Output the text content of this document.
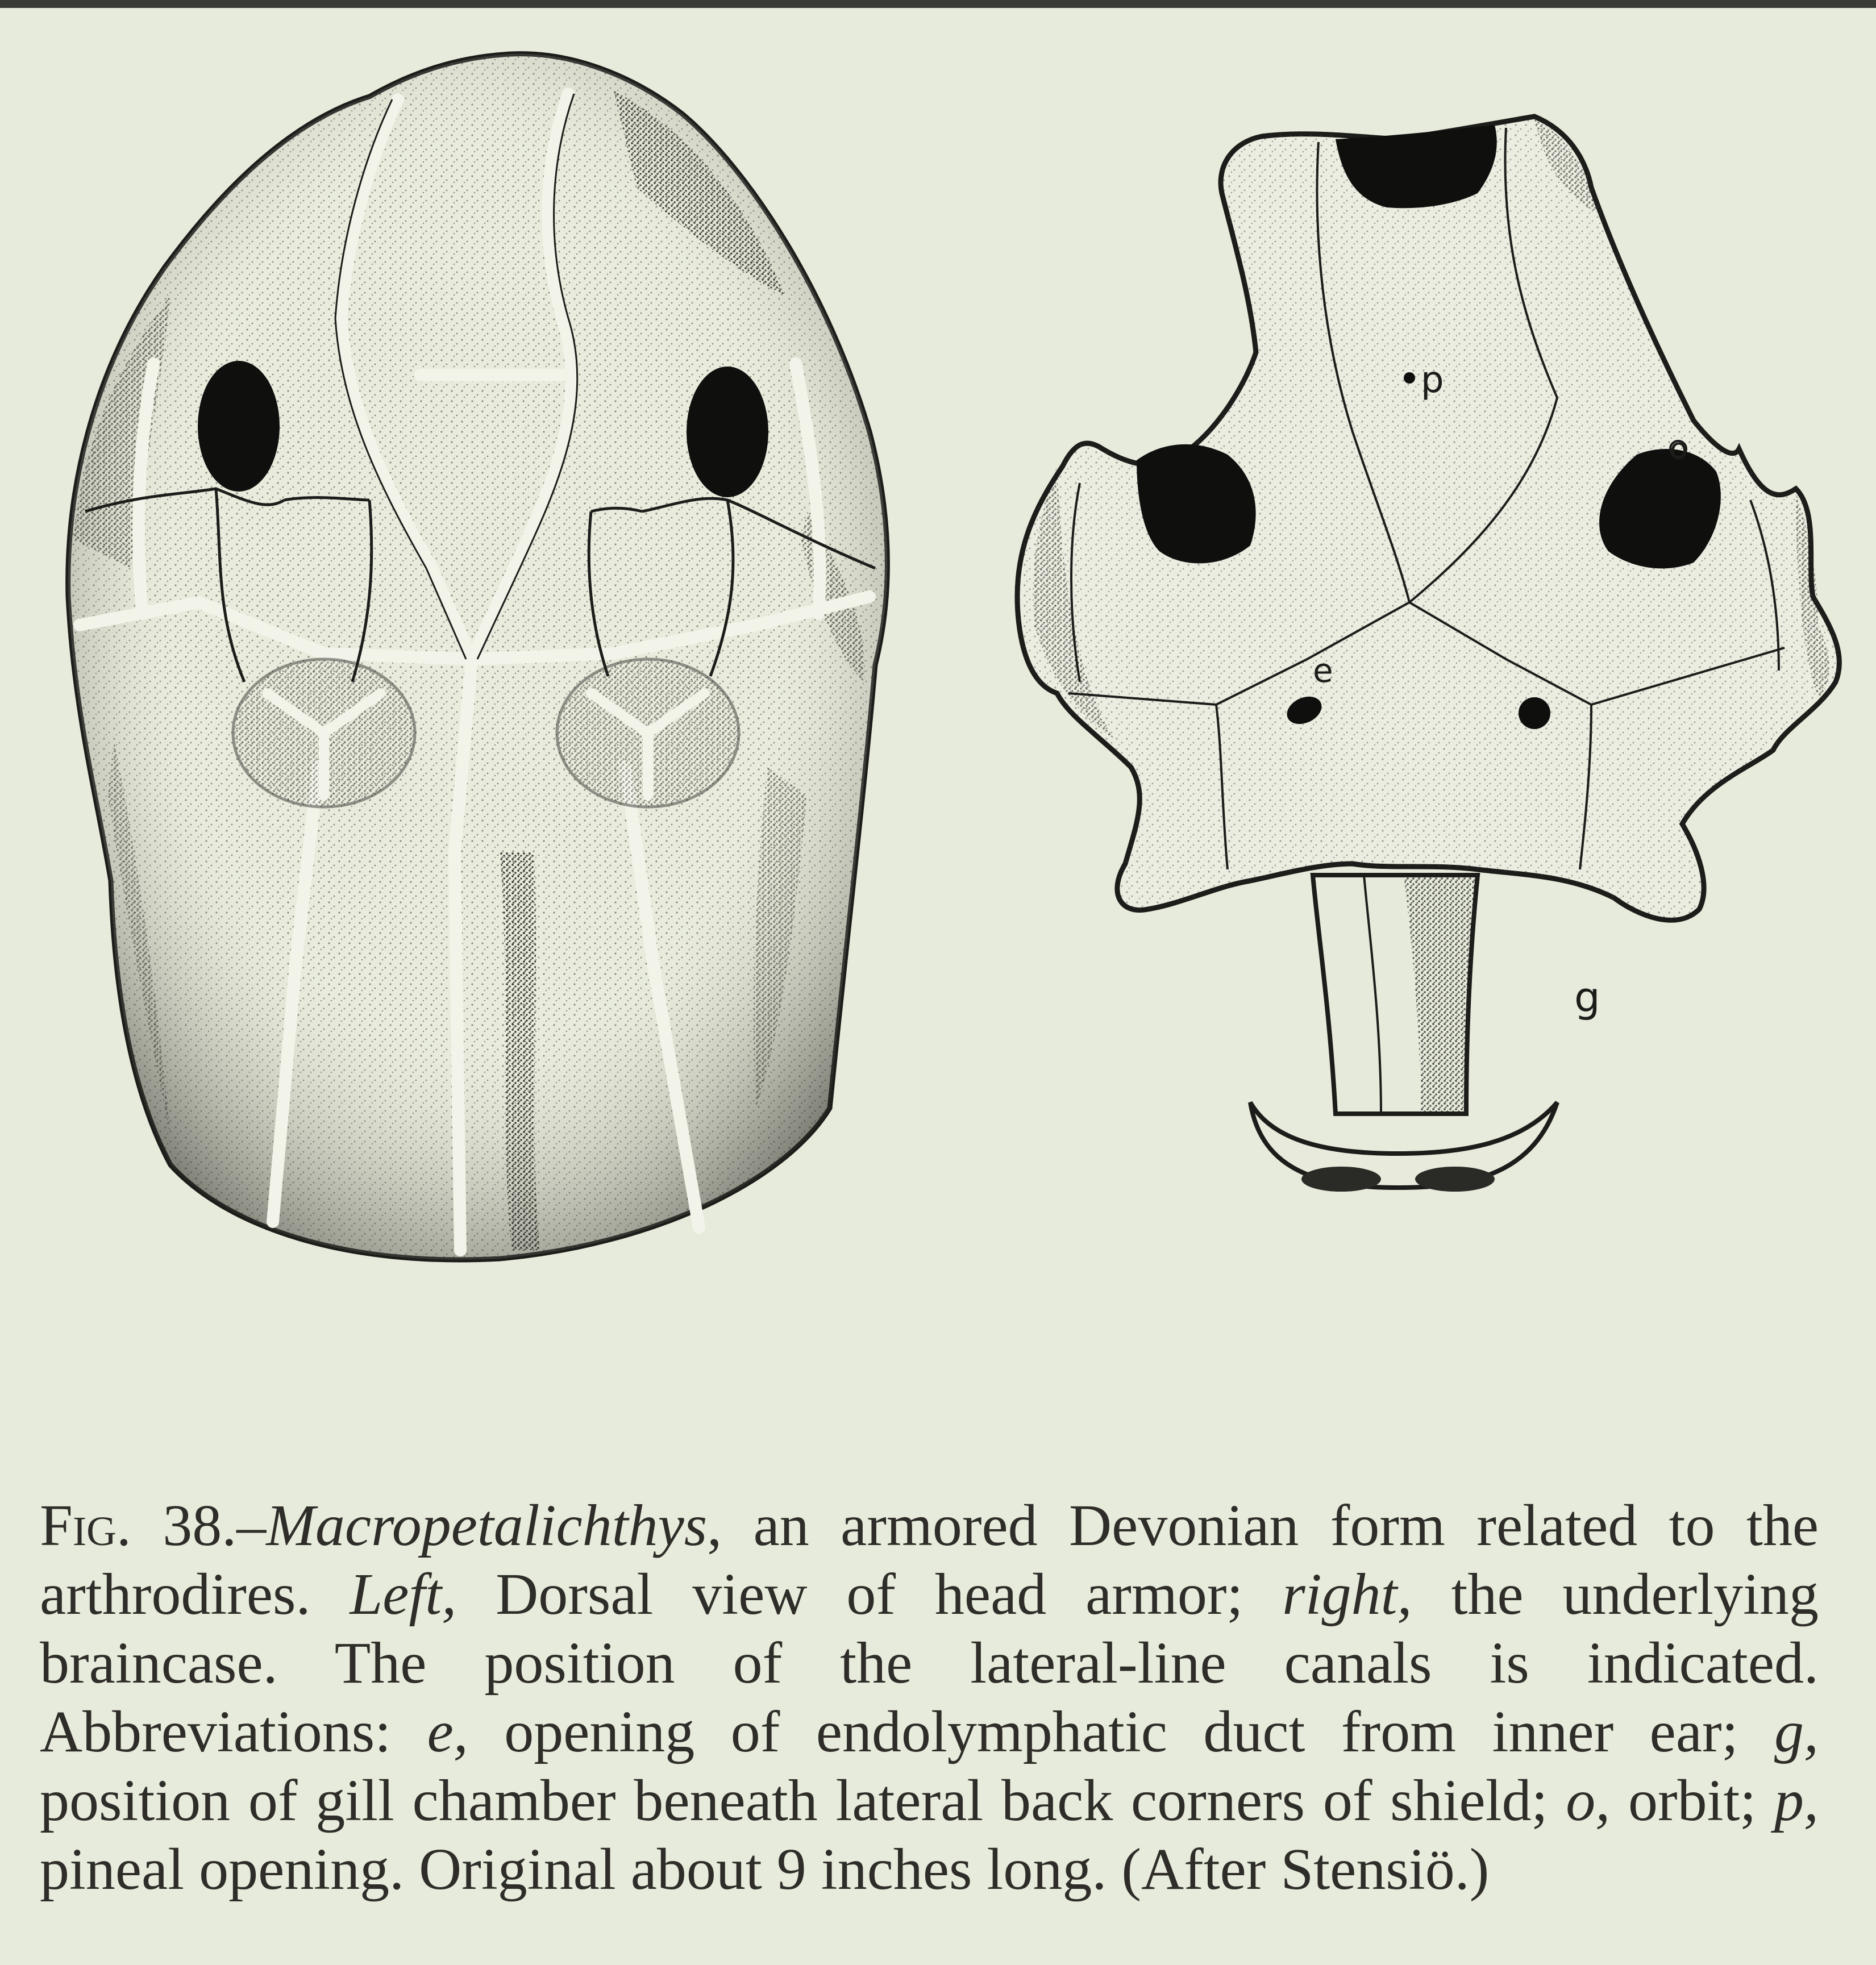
p
o
e
g

Fig. 38.–Macropetalichthys, an armored Devonian form related to the arthrodires. Left, Dorsal view of head armor; right, the underlying braincase. The position of the lateral-line canals is indicated. Abbreviations: e, opening of endolymphatic duct from inner ear; g, position of gill chamber beneath lateral back corners of shield; o, orbit; p, pineal opening. Original about 9 inches long. (After Stensiö.)
